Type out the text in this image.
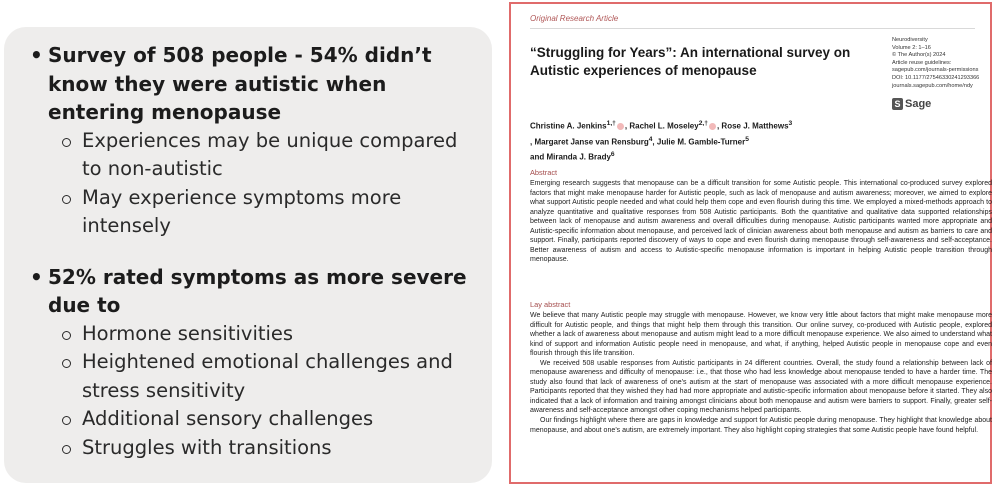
• Survey of 508 people - 54% didn’t know they were autistic when entering menopause
Experiences may be unique compared to non-autistic
May experience symptoms more intensely
• 52% rated symptoms as more severe due to
Hormone sensitivities
Heightened emotional challenges and stress sensitivity
Additional sensory challenges
Struggles with transitions
Original Research Article
“Struggling for Years”: An international survey on Autistic experiences of menopause
Neurodiversity
Volume 2: 1–16
© The Author(s) 2024
Article reuse guidelines:
sagepub.com/journals-permissions
DOI: 10.1177/27546330241293366
journals.sagepub.com/home/ndy
S Sage
Christine A. Jenkins$^{1,\dagger}$ , Rachel L. Moseley$^{2,\dagger}$ , Rose J. Matthews$^3$
, Margaret Janse van Rensburg$^4$, Julie M. Gamble-Turner$^5$
and Miranda J. Brady$^6$
Abstract

Emerging research suggests that menopause can be a difficult transition for some Autistic people. This international co-produced survey explored factors that might make menopause harder for Autistic people, such as lack of menopause and autism awareness; moreover, we aimed to explore what support Autistic people needed and what could help them cope and even flourish during this time. We employed a mixed-methods approach to analyze quantitative and qualitative responses from 508 Autistic participants. Both the quantitative and qualitative data supported relationships between lack of menopause and autism awareness and overall difficulties during menopause. Autistic participants wanted more appropriate and Autistic-specific information about menopause, and perceived lack of clinician awareness about both menopause and autism as barriers to care and support. Finally, participants reported discovery of ways to cope and even flourish during menopause through self-awareness and self-acceptance. Better awareness of autism and access to Autistic-specific menopause information is important in helping Autistic people transition through menopause.

Lay abstract

We believe that many Autistic people may struggle with menopause. However, we know very little about factors that might make menopause more difficult for Autistic people, and things that might help them through this transition. Our online survey, co-produced with Autistic people, explored whether a lack of awareness about menopause and autism might lead to a more difficult menopause experience. We also aimed to understand what kind of support and information Autistic people need in menopause, and what, if anything, helped Autistic people in menopause cope and even flourish through this life transition.

We received 508 usable responses from Autistic participants in 24 different countries. Overall, the study found a relationship between lack of menopause awareness and difficulty of menopause: i.e., that those who had less knowledge about menopause tended to have a harder time. The study also found that lack of awareness of one’s autism at the start of menopause was associated with a more difficult menopause experience. Participants reported that they wished they had had more appropriate and autistic-specific information about menopause before it started. They also indicated that a lack of information and training amongst clinicians about both menopause and autism were barriers to support. Finally, greater self-awareness and self-acceptance amongst other coping mechanisms helped participants.

Our findings highlight where there are gaps in knowledge and support for Autistic people during menopause. They highlight that knowledge about menopause, and about one’s autism, are extremely important. They also highlight coping strategies that some Autistic people have found helpful.
